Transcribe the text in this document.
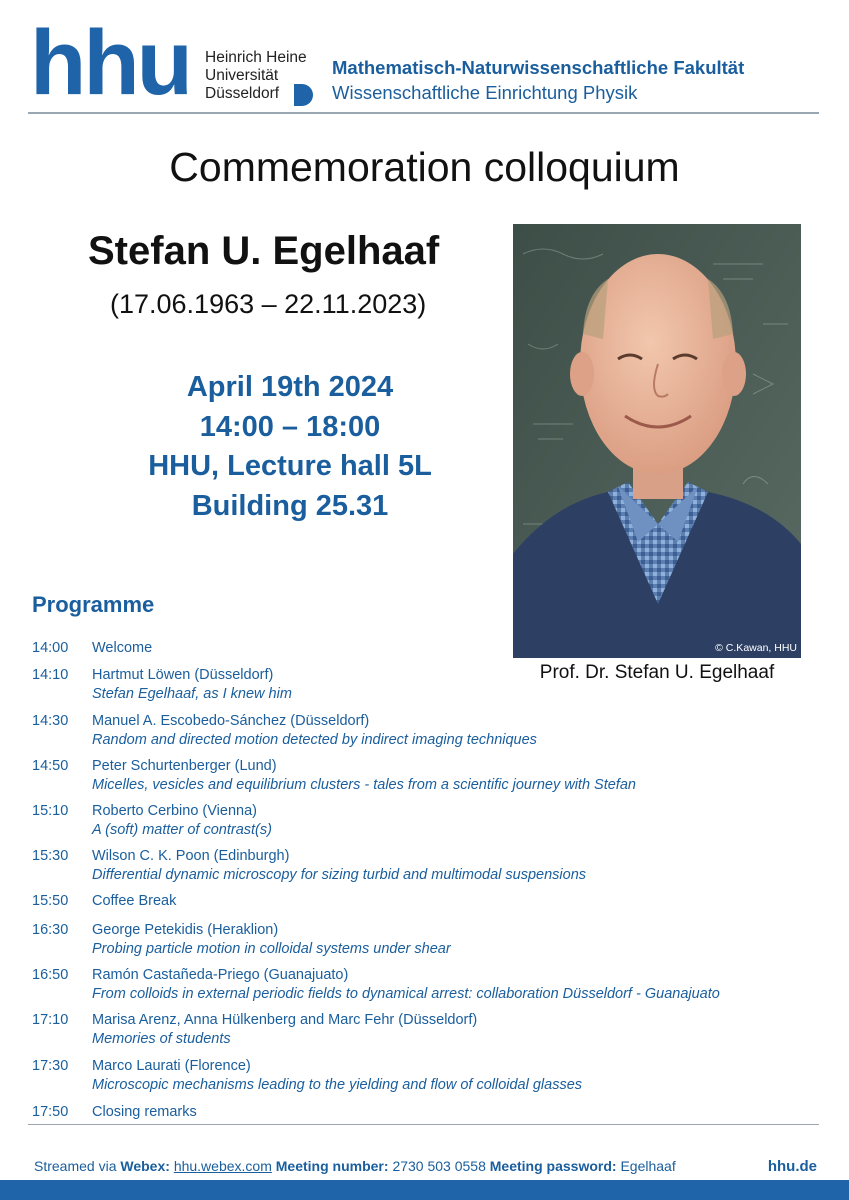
hhu Heinrich Heine
Universität
Düsseldorf
Mathematisch-Naturwissenschaftliche Fakultät
Wissenschaftliche Einrichtung Physik
Commemoration colloquium
Stefan U. Egelhaaf
(17.06.1963 – 22.11.2023)
April 19th 2024
14:00 – 18:00
HHU, Lecture hall 5L
Building 25.31
© C.Kawan, HHU
Prof. Dr. Stefan U. Egelhaaf
Programme
14:00 Welcome
14:10 Hartmut Löwen (Düsseldorf)
Stefan Egelhaaf, as I knew him
14:30 Manuel A. Escobedo-Sánchez (Düsseldorf)
Random and directed motion detected by indirect imaging techniques
14:50 Peter Schurtenberger (Lund)
Micelles, vesicles and equilibrium clusters - tales from a scientific journey with Stefan
15:10 Roberto Cerbino (Vienna)
A (soft) matter of contrast(s)
15:30 Wilson C. K. Poon (Edinburgh)
Differential dynamic microscopy for sizing turbid and multimodal suspensions
15:50 Coffee Break
16:30 George Petekidis (Heraklion)
Probing particle motion in colloidal systems under shear
16:50 Ramón Castañeda-Priego (Guanajuato)
From colloids in external periodic fields to dynamical arrest: collaboration Düsseldorf - Guanajuato
17:10 Marisa Arenz, Anna Hülkenberg and Marc Fehr (Düsseldorf)
Memories of students
17:30 Marco Laurati (Florence)
Microscopic mechanisms leading to the yielding and flow of colloidal glasses
17:50 Closing remarks
Streamed via Webex: hhu.webex.com Meeting number: 2730 503 0558 Meeting password: Egelhaaf	hhu.de
